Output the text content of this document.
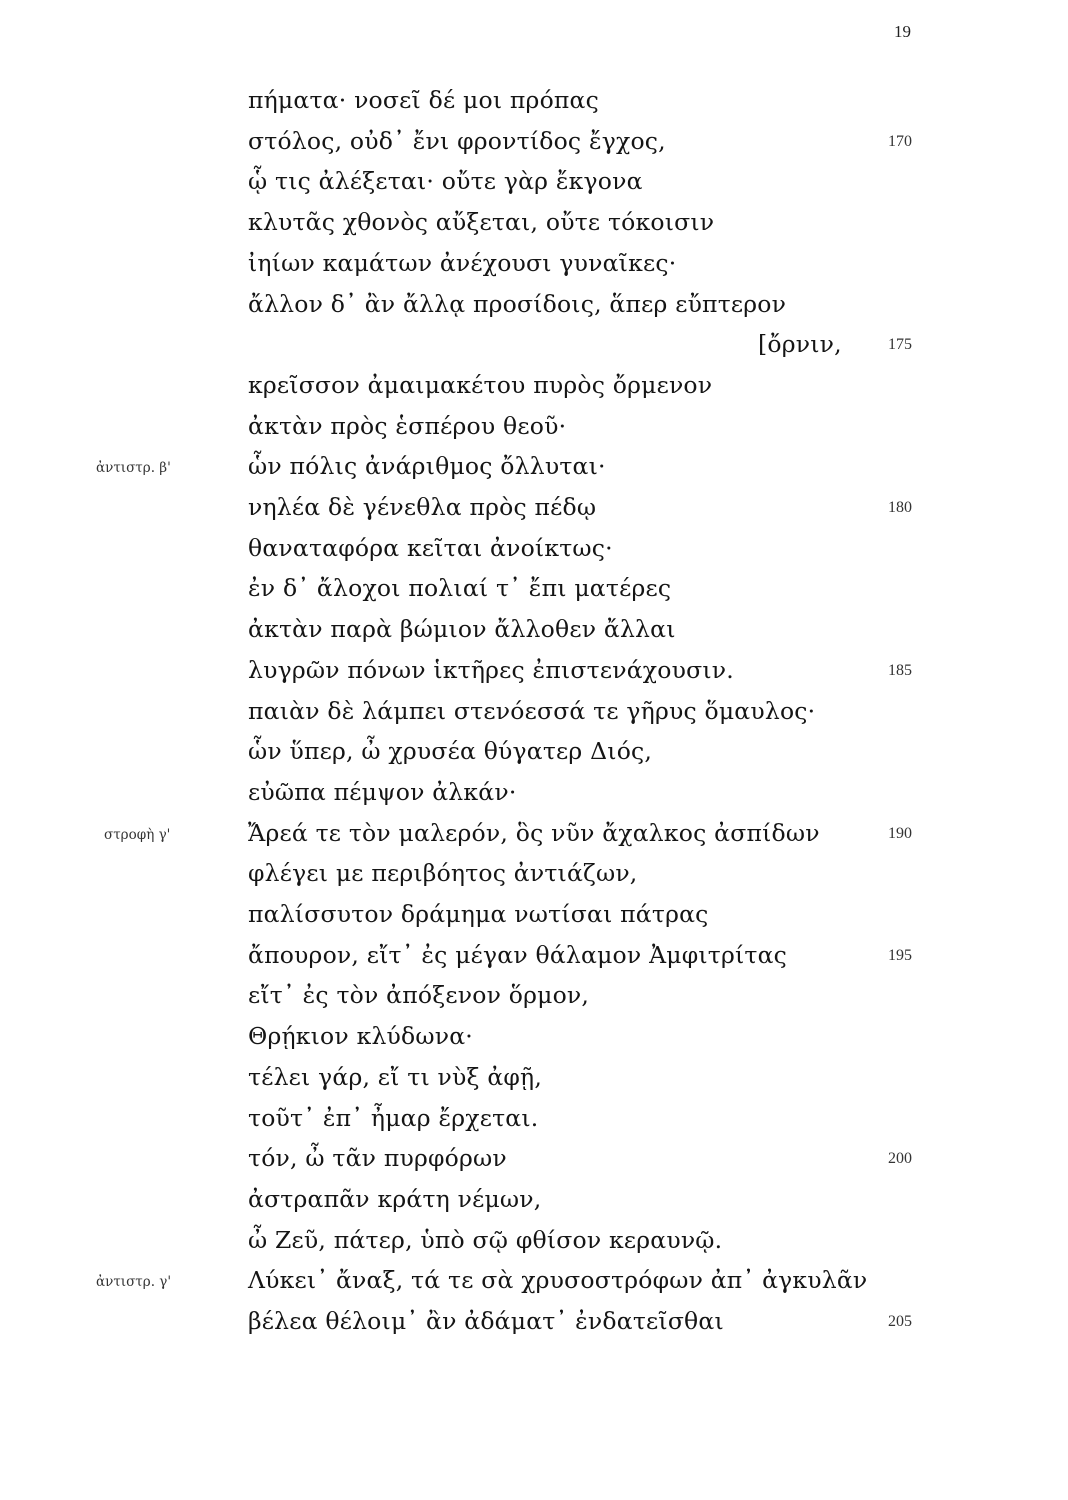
19
πήματα· νοσεῖ δέ μοι πρόπας
στόλος, οὐδ᾽ ἔνι φροντίδος ἔγχος,	170
ᾧ τις ἀλέξεται· οὔτε γὰρ ἔκγονα
κλυτᾶς χθονὸς αὔξεται, οὔτε τόκοισιν
ἰηίων καμάτων ἀνέχουσι γυναῖκες·
ἄλλον δ᾽ ἂν ἄλλᾳ προσίδοις, ἅπερ εὔπτερον
[ὄρνιν,	175
κρεῖσσον ἀμαιμακέτου πυρὸς ὄρμενον
ἀκτὰν πρὸς ἑσπέρου θεοῦ·
ἀντιστρ. β'	ὧν πόλις ἀνάριθμος ὄλλυται·
νηλέα δὲ γένεθλα πρὸς πέδῳ	180
θαναταφόρα κεῖται ἀνοίκτως·
ἐν δ᾽ ἄλοχοι πολιαί τ᾽ ἔπι ματέρες
ἀκτὰν παρὰ βώμιον ἄλλοθεν ἄλλαι
λυγρῶν πόνων ἱκτῆρες ἐπιστενάχουσιν.	185
παιὰν δὲ λάμπει στενόεσσά τε γῆρυς ὅμαυλος·
ὧν ὕπερ, ὦ χρυσέα θύγατερ Διός,
εὐῶπα πέμψον ἀλκάν·
στροφὴ γ'	Ἄρεά τε τὸν μαλερόν, ὃς νῦν ἄχαλκος ἀσπίδων	190
φλέγει με περιβόητος ἀντιάζων,
παλίσσυτον δράμημα νωτίσαι πάτρας
ἄπουρον, εἴτ᾽ ἐς μέγαν θάλαμον Ἀμφιτρίτας	195
εἴτ᾽ ἐς τὸν ἀπόξενον ὅρμον,
Θρῄκιον κλύδωνα·
τέλει γάρ, εἴ τι νὺξ ἀφῇ,
τοῦτ᾽ ἐπ᾽ ἦμαρ ἔρχεται.
τόν, ὦ τᾶν πυρφόρων	200
ἀστραπᾶν κράτη νέμων,
ὦ Ζεῦ, πάτερ, ὑπὸ σῷ φθίσον κεραυνῷ.
ἀντιστρ. γ'	Λύκει᾽ ἄναξ, τά τε σὰ χρυσοστρόφων ἀπ᾽ ἀγκυλᾶν
βέλεα θέλοιμ᾽ ἂν ἀδάματ᾽ ἐνδατεῖσθαι	205
